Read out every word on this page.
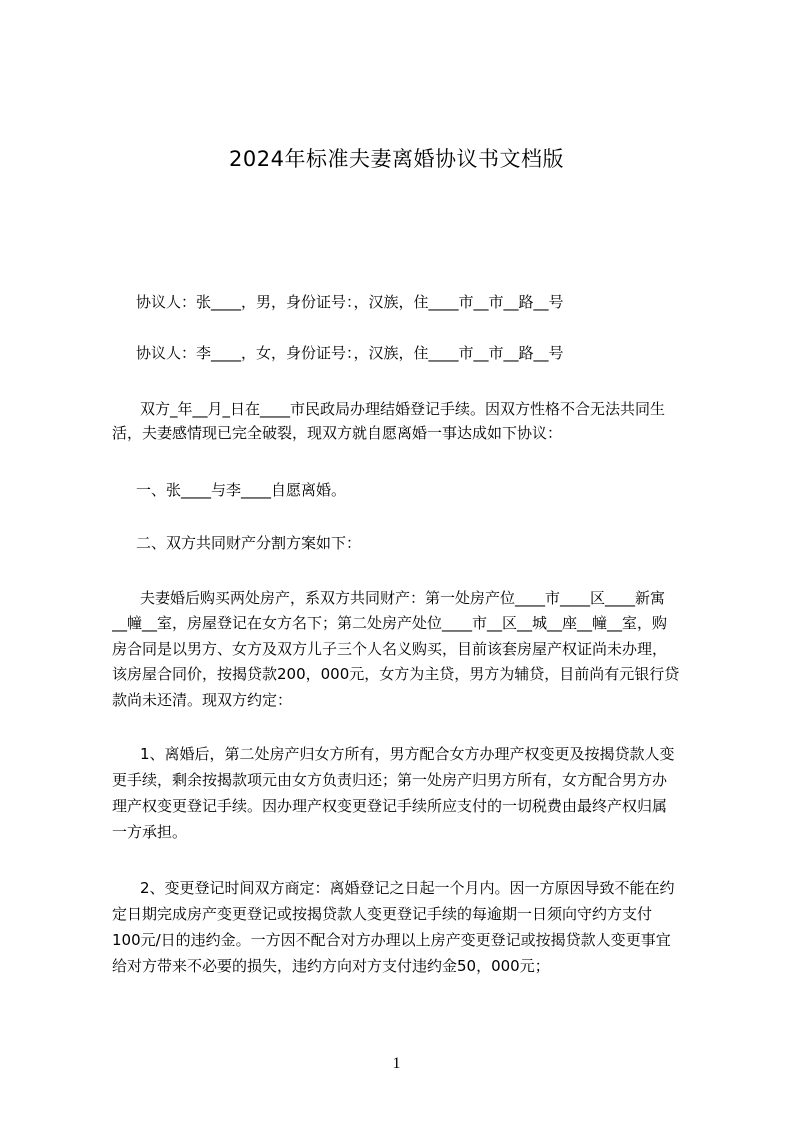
2024年标准夫妻离婚协议书文档版
协议人：张____，男，身份证号：，汉族，住____市__市__路__号
协议人：李____，女，身份证号：，汉族，住____市__市__路__号
双方_年__月_日在____市民政局办理结婚登记手续。因双方性格不合无法共同生
活，夫妻感情现已完全破裂，现双方就自愿离婚一事达成如下协议：
一、张____与李____自愿离婚。
二、双方共同财产分割方案如下：
夫妻婚后购买两处房产，系双方共同财产：第一处房产位____市____区____新寓
__幢__室，房屋登记在女方名下；第二处房产处位____市__区__城__座__幢__室，购
房合同是以男方、女方及双方儿子三个人名义购买，目前该套房屋产权证尚未办理，
该房屋合同价，按揭贷款200，000元，女方为主贷，男方为辅贷，目前尚有元银行贷
款尚未还清。现双方约定：
1、离婚后，第二处房产归女方所有，男方配合女方办理产权变更及按揭贷款人变
更手续，剩余按揭款项元由女方负责归还；第一处房产归男方所有，女方配合男方办
理产权变更登记手续。因办理产权变更登记手续所应支付的一切税费由最终产权归属
一方承担。
2、变更登记时间双方商定：离婚登记之日起一个月内。因一方原因导致不能在约
定日期完成房产变更登记或按揭贷款人变更登记手续的每逾期一日须向守约方支付
100元/日的违约金。一方因不配合对方办理以上房产变更登记或按揭贷款人变更事宜
给对方带来不必要的损失，违约方向对方支付违约金50，000元；
1
